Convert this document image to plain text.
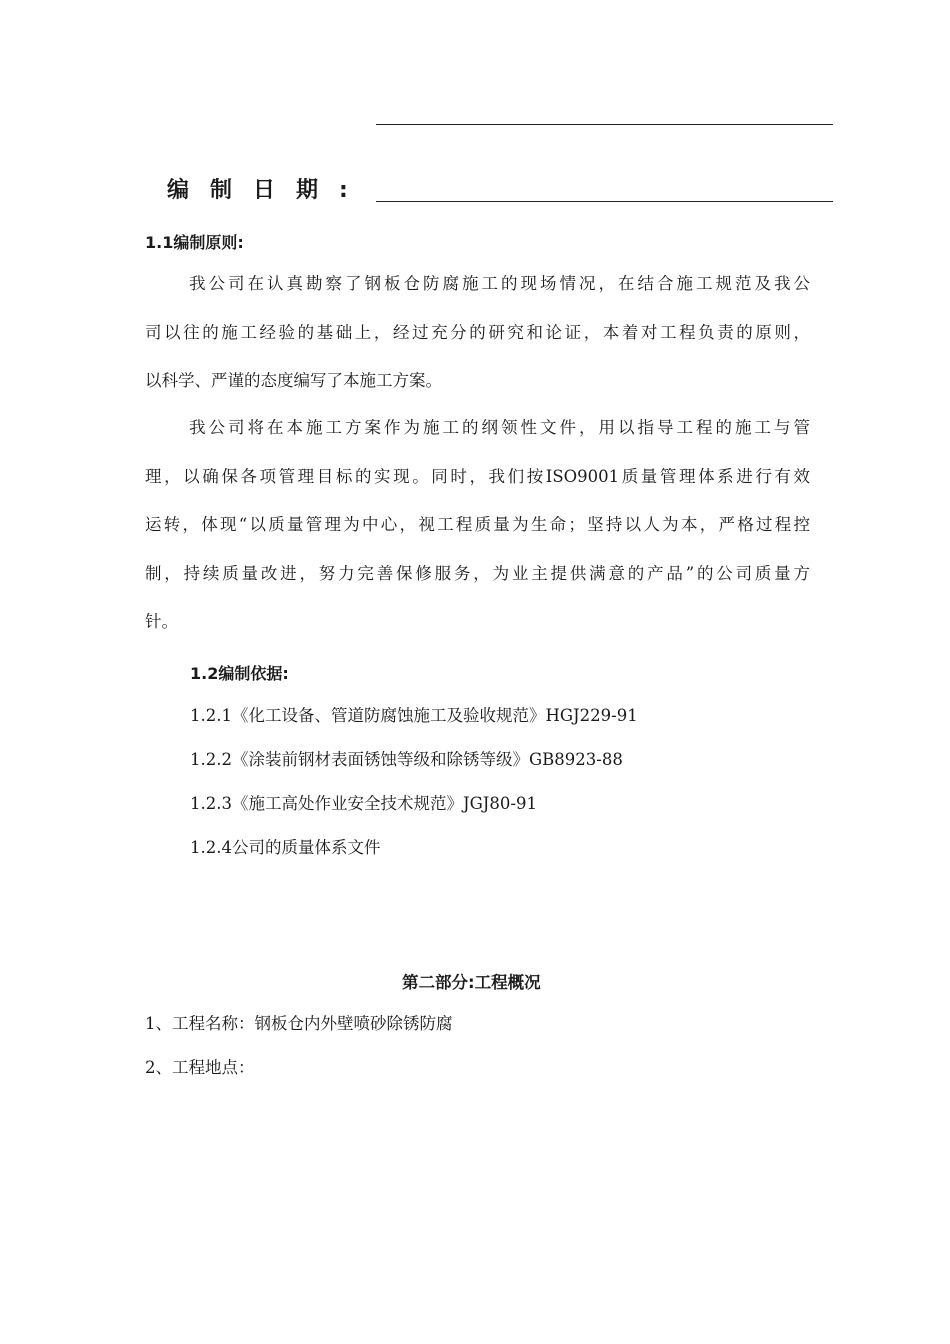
编制日期:
1.1编制原则:
我公司在认真勘察了钢板仓防腐施工的现场情况，在结合施工规范及我公
司以往的施工经验的基础上，经过充分的研究和论证，本着对工程负责的原则，
以科学、严谨的态度编写了本施工方案。
我公司将在本施工方案作为施工的纲领性文件，用以指导工程的施工与管
理，以确保各项管理目标的实现。同时，我们按ISO9001质量管理体系进行有效
运转，体现“以质量管理为中心，视工程质量为生命；坚持以人为本，严格过程控
制，持续质量改进，努力完善保修服务，为业主提供满意的产品”的公司质量方
针。
1.2编制依据:
1.2.1《化工设备、管道防腐蚀施工及验收规范》HGJ229-91
1.2.2《涂装前钢材表面锈蚀等级和除锈等级》GB8923-88
1.2.3《施工高处作业安全技术规范》JGJ80-91
1.2.4公司的质量体系文件
第二部分:工程概况
1、工程名称：钢板仓内外壁喷砂除锈防腐
2、工程地点：
